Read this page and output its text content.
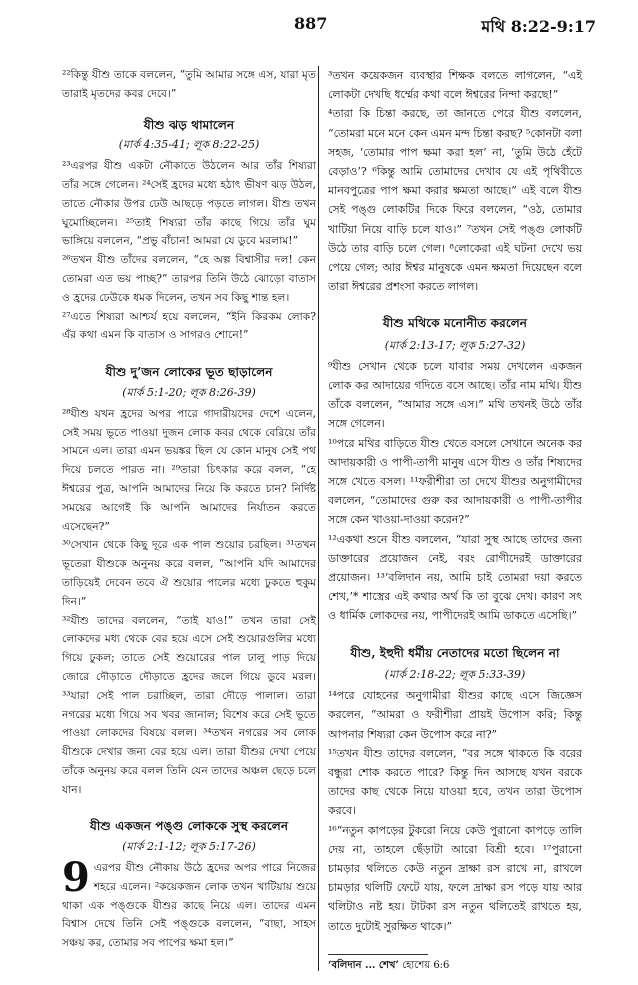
887	মথি 8:22-9:17

²²কিন্তু যীশু তাকে বললেন, “তুমি আমার সঙ্গে এস, যারা মৃত তারাই মৃতদের কবর দেবে।”

যীশু ঝড় থামালেন
(মার্ক 4:35-41; লূক 8:22-25)

²³এরপর যীশু একটা নৌকাতে উঠলেন আর তাঁর শিষ্যরা তাঁর সঙ্গে গেলেন। ²⁴সেই হ্রদের মধ্যে হঠাৎ ভীষণ ঝড় উঠল, তাতে নৌকার উপর ঢেউ আছড়ে পড়তে লাগল। যীশু তখন ঘুমোচ্ছিলেন। ²⁵তাই শিষ্যরা তাঁর কাছে গিয়ে তাঁর ঘুম ভাঙ্গিয়ে বললেন, “প্রভু বাঁচান! আমরা যে ডুবে মরলাম!”

²⁶তখন যীশু তাঁদের বললেন, “হে অল্প বিশ্বাসীর দল! কেন তোমরা এত ভয় পাচ্ছ?” তারপর তিনি উঠে ঝোড়ো বাতাস ও হ্রদের ঢেউকে ধমক দিলেন, তখন সব কিছু শান্ত হল।

²⁷এতে শিষ্যরা আশ্চর্য হয়ে বললেন, “ইনি কিরকম লোক? এঁর কথা এমন কি বাতাস ও সাগরও শোনে!”

যীশু দু’জন লোকের ভূত ছাড়ালেন
(মার্ক 5:1-20; লূক 8:26-39)

²⁸যীশু যখন হ্রদের অপর পারে গাদারীয়দের দেশে এলেন, সেই সময় ভূতে পাওয়া দুজন লোক কবর থেকে বেরিয়ে তাঁর সামনে এল। তারা এমন ভয়ঙ্কর ছিল যে কোন মানুষ সেই পথ দিয়ে চলতে পারত না। ²⁹তারা চিৎকার করে বলল, “হে ঈশ্বরের পুত্র, আপনি আমাদের নিয়ে কি করতে চান? নির্দিষ্ট সময়ের আগেই কি আপনি আমাদের নির্যাতন করতে এসেছেন?”

³⁰সেখান থেকে কিছু দূরে এক পাল শুয়োর চরছিল। ³¹তখন ভূতেরা যীশুকে অনুনয় করে বলল, “আপনি যদি আমাদের তাড়িয়েই দেবেন তবে ঐ শুয়োর পালের মধ্যে ঢুকতে হুকুম দিন।”

³²যীশু তাদের বললেন, “তাই যাও!” তখন তারা সেই লোকদের মধ্য থেকে বের হয়ে এসে সেই শুয়োরগুলির মধ্যে গিয়ে ঢুকল; তাতে সেই শুয়োরের পাল ঢালু পাড় দিয়ে জোরে দৌড়াতে দৌড়াতে হ্রদের জলে গিয়ে ডুবে মরল। ³³যারা সেই পাল চরাচ্ছিল, তারা দৌড়ে পালাল। তারা নগরের মধ্যে গিয়ে সব খবর জানাল; বিশেষ করে সেই ভূতে পাওয়া লোকদের বিষয়ে বলল। ³⁴তখন নগরের সব লোক যীশুকে দেখার জন্য বের হয়ে এল। তারা যীশুর দেখা পেয়ে তাঁকে অনুনয় করে বলল তিনি যেন তাদের অঞ্চল ছেড়ে চলে যান।

যীশু একজন পঙ্গু লোককে সুস্থ করলেন
(মার্ক 2:1-12; লূক 5:17-26)
9 এরপর যীশু নৌকায় উঠে হ্রদের অপর পারে নিজের শহরে এলেন। ²কয়েকজন লোক তখন খাটিয়ায় শুয়ে থাকা এক পঙ্গুকে যীশুর কাছে নিয়ে এল। তাদের এমন বিশ্বাস দেখে তিনি সেই পঙ্গুকে বললেন, “বাছা, সাহস সঞ্চয় কর, তোমার সব পাপের ক্ষমা হল।”

³তখন কয়েকজন ব্যবস্থার শিক্ষক বলতে লাগলেন, “এই লোকটা দেখছি ধর্ম্মের কথা বলে ঈশ্বরের নিন্দা করছে!”

⁴তারা কি চিন্তা করছে, তা জানতে পেরে যীশু বললেন, “তোমরা মনে মনে কেন এমন মন্দ চিন্তা করছ? ⁵কোনটা বলা সহজ, ‘তোমার পাপ ক্ষমা করা হল’ না, ‘তুমি উঠে হেঁটে বেড়াও’? ⁶কিন্তু আমি তোমাদের দেখাব যে এই পৃথিবীতে মানবপুত্রের পাপ ক্ষমা করার ক্ষমতা আছে।” এই বলে যীশু সেই পঙ্গু লোকটির দিকে ফিরে বললেন, “ওঠ, তোমার খাটিয়া নিয়ে বাড়ি চলে যাও।” ⁷তখন সেই পঙ্গু লোকটি উঠে তার বাড়ি চলে গেল। ⁸লোকেরা এই ঘটনা দেখে ভয় পেয়ে গেল; আর ঈশ্বর মানুষকে এমন ক্ষমতা দিয়েছেন বলে তারা ঈশ্বরের প্রশংসা করতে লাগল।

যীশু মথিকে মনোনীত করলেন
(মার্ক 2:13-17; লূক 5:27-32)

⁹যীশু সেখান থেকে চলে যাবার সময় দেখলেন একজন লোক কর আদায়ের গদিতে বসে আছে। তাঁর নাম মথি। যীশু তাঁকে বললেন, “আমার সঙ্গে এস।” মথি তখনই উঠে তাঁর সঙ্গে গেলেন।

¹⁰পরে মথির বাড়িতে যীশু খেতে বসলে সেখানে অনেক কর আদায়কারী ও পাপী-তাপী মানুষ এসে যীশু ও তাঁর শিষ্যদের সঙ্গে খেতে বসল। ¹¹ফরীশীরা তা দেখে যীশুর অনুগামীদের বললেন, “তোমাদের গুরু কর আদায়কারী ও পাপী-তাপীর সঙ্গে কেন খাওয়া-দাওয়া করেন?”

¹²একথা শুনে যীশু বললেন, “যারা সুস্থ আছে তাদের জন্য ডাক্তারের প্রয়োজন নেই, বরং রোগীদেরই ডাক্তারের প্রয়োজন। ¹³‘বলিদান নয়, আমি চাই তোমরা দয়া করতে শেখ,’* শাস্ত্রের এই কথার অর্থ কি তা বুঝে দেখ। কারণ সৎ ও ধার্মিক লোকদের নয়, পাপীদেরই আমি ডাকতে এসেছি।”

যীশু, ইহুদী ধর্মীয় নেতাদের মতো ছিলেন না
(মার্ক 2:18-22; লূক 5:33-39)

¹⁴পরে যোহনের অনুগামীরা যীশুর কাছে এসে জিজ্ঞেস করলেন, “আমরা ও ফরীশীরা প্রায়ই উপোস করি; কিন্তু আপনার শিষ্যরা কেন উপোস করে না?”

¹⁵তখন যীশু তাদের বললেন, “বর সঙ্গে থাকতে কি বরের বন্ধুরা শোক করতে পারে? কিন্তু দিন আসছে যখন বরকে তাদের কাছ থেকে নিয়ে যাওয়া হবে, তখন তারা উপোস করবে।

¹⁶“নতুন কাপড়ের টুকরো নিয়ে কেউ পুরানো কাপড়ে তালি দেয় না, তাহলে ছেঁড়াটা আরো বিশ্রী হবে। ¹⁷পুরানো চামড়ার থলিতে কেউ নতুন দ্রাক্ষা রস রাখে না, রাখলে চামড়ার থলিটি ফেটে যায়, ফলে দ্রাক্ষা রস পড়ে যায় আর থলিটাও নষ্ট হয়। টাটকা রস নতুন থলিতেই রাখতে হয়, তাতে দুটোই সুরক্ষিত থাকে।”

‘বলিদান ... শেখ’ হোশেয় 6:6
